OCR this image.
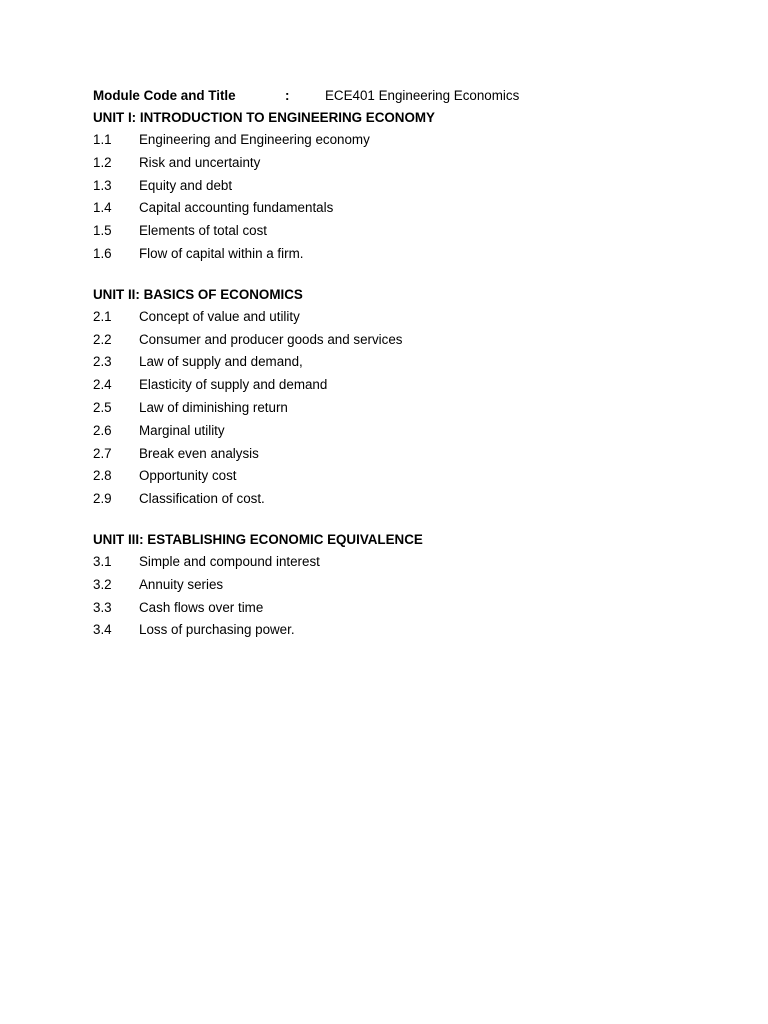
Module Code and Title	:	ECE401 Engineering Economics
UNIT I: INTRODUCTION TO ENGINEERING ECONOMY
1.1 Engineering and Engineering economy
1.2 Risk and uncertainty
1.3 Equity and debt
1.4 Capital accounting fundamentals
1.5 Elements of total cost
1.6 Flow of capital within a firm.
UNIT II: BASICS OF ECONOMICS
2.1 Concept of value and utility
2.2 Consumer and producer goods and services
2.3 Law of supply and demand,
2.4 Elasticity of supply and demand
2.5 Law of diminishing return
2.6 Marginal utility
2.7 Break even analysis
2.8 Opportunity cost
2.9 Classification of cost.
UNIT III: ESTABLISHING ECONOMIC EQUIVALENCE
3.1 Simple and compound interest
3.2 Annuity series
3.3 Cash flows over time
3.4 Loss of purchasing power.
